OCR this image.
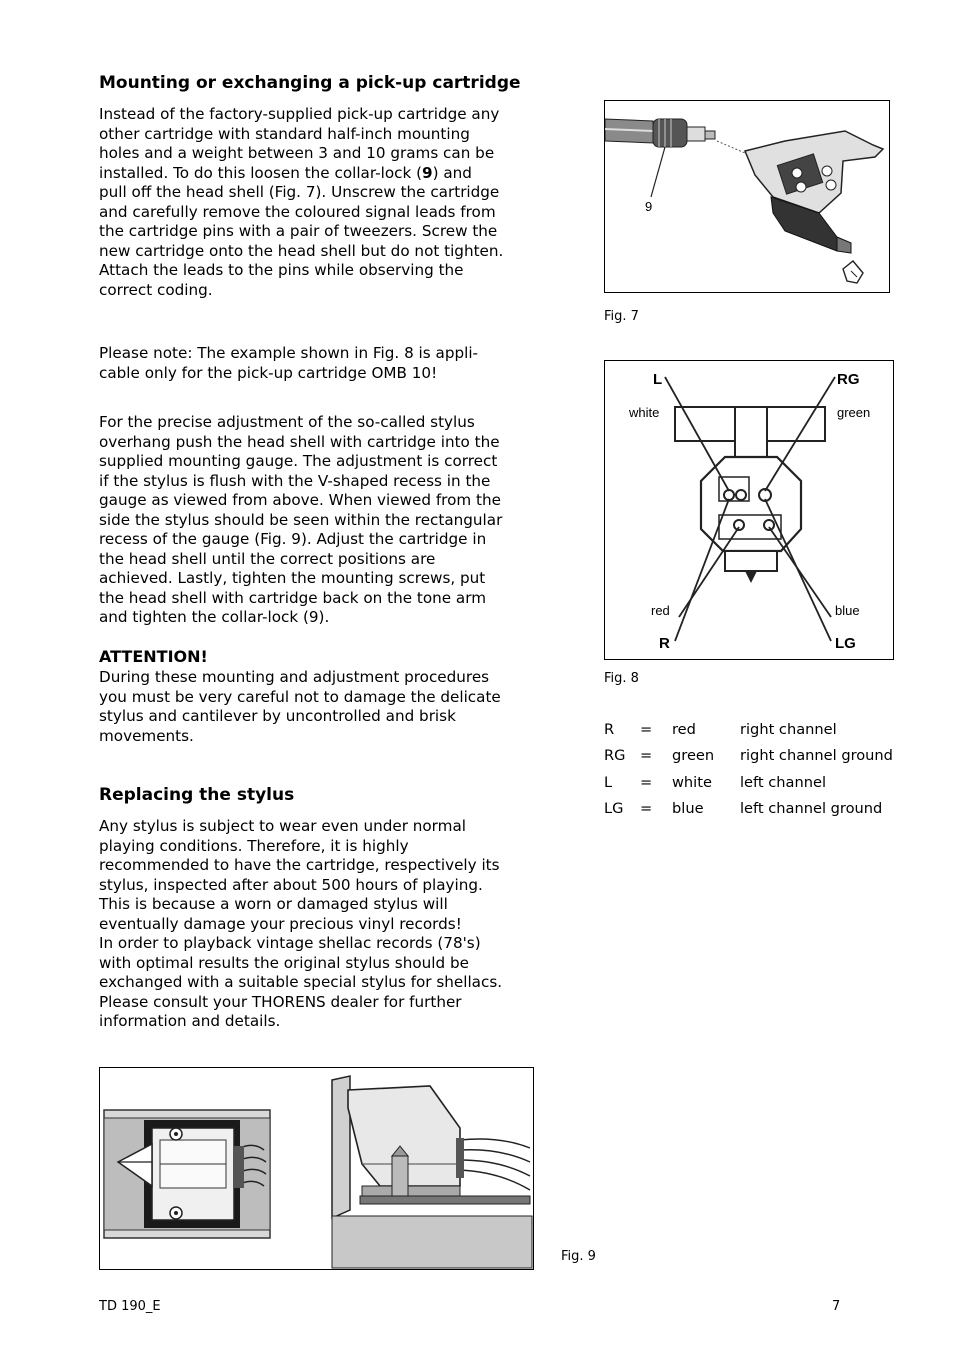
Mounting or exchanging a pick-up cartridge

Instead of the factory-supplied pick-up cartridge any
other cartridge with standard half-inch mounting
holes and a weight between 3 and 10 grams can be
installed. To do this loosen the collar-lock (9) and
pull off the head shell (Fig. 7). Unscrew the cartridge
and carefully remove the coloured signal leads from
the cartridge pins with a pair of tweezers. Screw the
new cartridge onto the head shell but do not tighten.
Attach the leads to the pins while observing the
correct coding.

Please note: The example shown in Fig. 8 is appli-
cable only for the pick-up cartridge OMB 10!

For the precise adjustment of the so-called stylus
overhang push the head shell with cartridge into the
supplied mounting gauge. The adjustment is correct
if the stylus is flush with the V-shaped recess in the
gauge as viewed from above. When viewed from the
side the stylus should be seen within the rectangular
recess of the gauge (Fig. 9). Adjust the cartridge in
the head shell until the correct positions are
achieved. Lastly, tighten the mounting screws, put
the head shell with cartridge back on the tone arm
and tighten the collar-lock (9).

ATTENTION!

During these mounting and adjustment procedures
you must be very careful not to damage the delicate
stylus and cantilever by uncontrolled and brisk
movements.

Replacing the stylus

Any stylus is subject to wear even under normal
playing conditions. Therefore, it is highly
recommended to have the cartridge, respectively its
stylus, inspected after about 500 hours of playing.
This is because a worn or damaged stylus will
eventually damage your precious vinyl records!
In order to playback vintage shellac records (78's)
with optimal results the original stylus should be
exchanged with a suitable special stylus for shellacs.
Please consult your THORENS dealer for further
information and details.

Fig. 9
9
Fig. 7
L	RG
white	green
red	blue
R	LG
Fig. 8
R	=	red	right channel
RG =	green	right channel ground
L	=	white	left channel
LG	=	blue	left channel ground
TD 190_E	7
